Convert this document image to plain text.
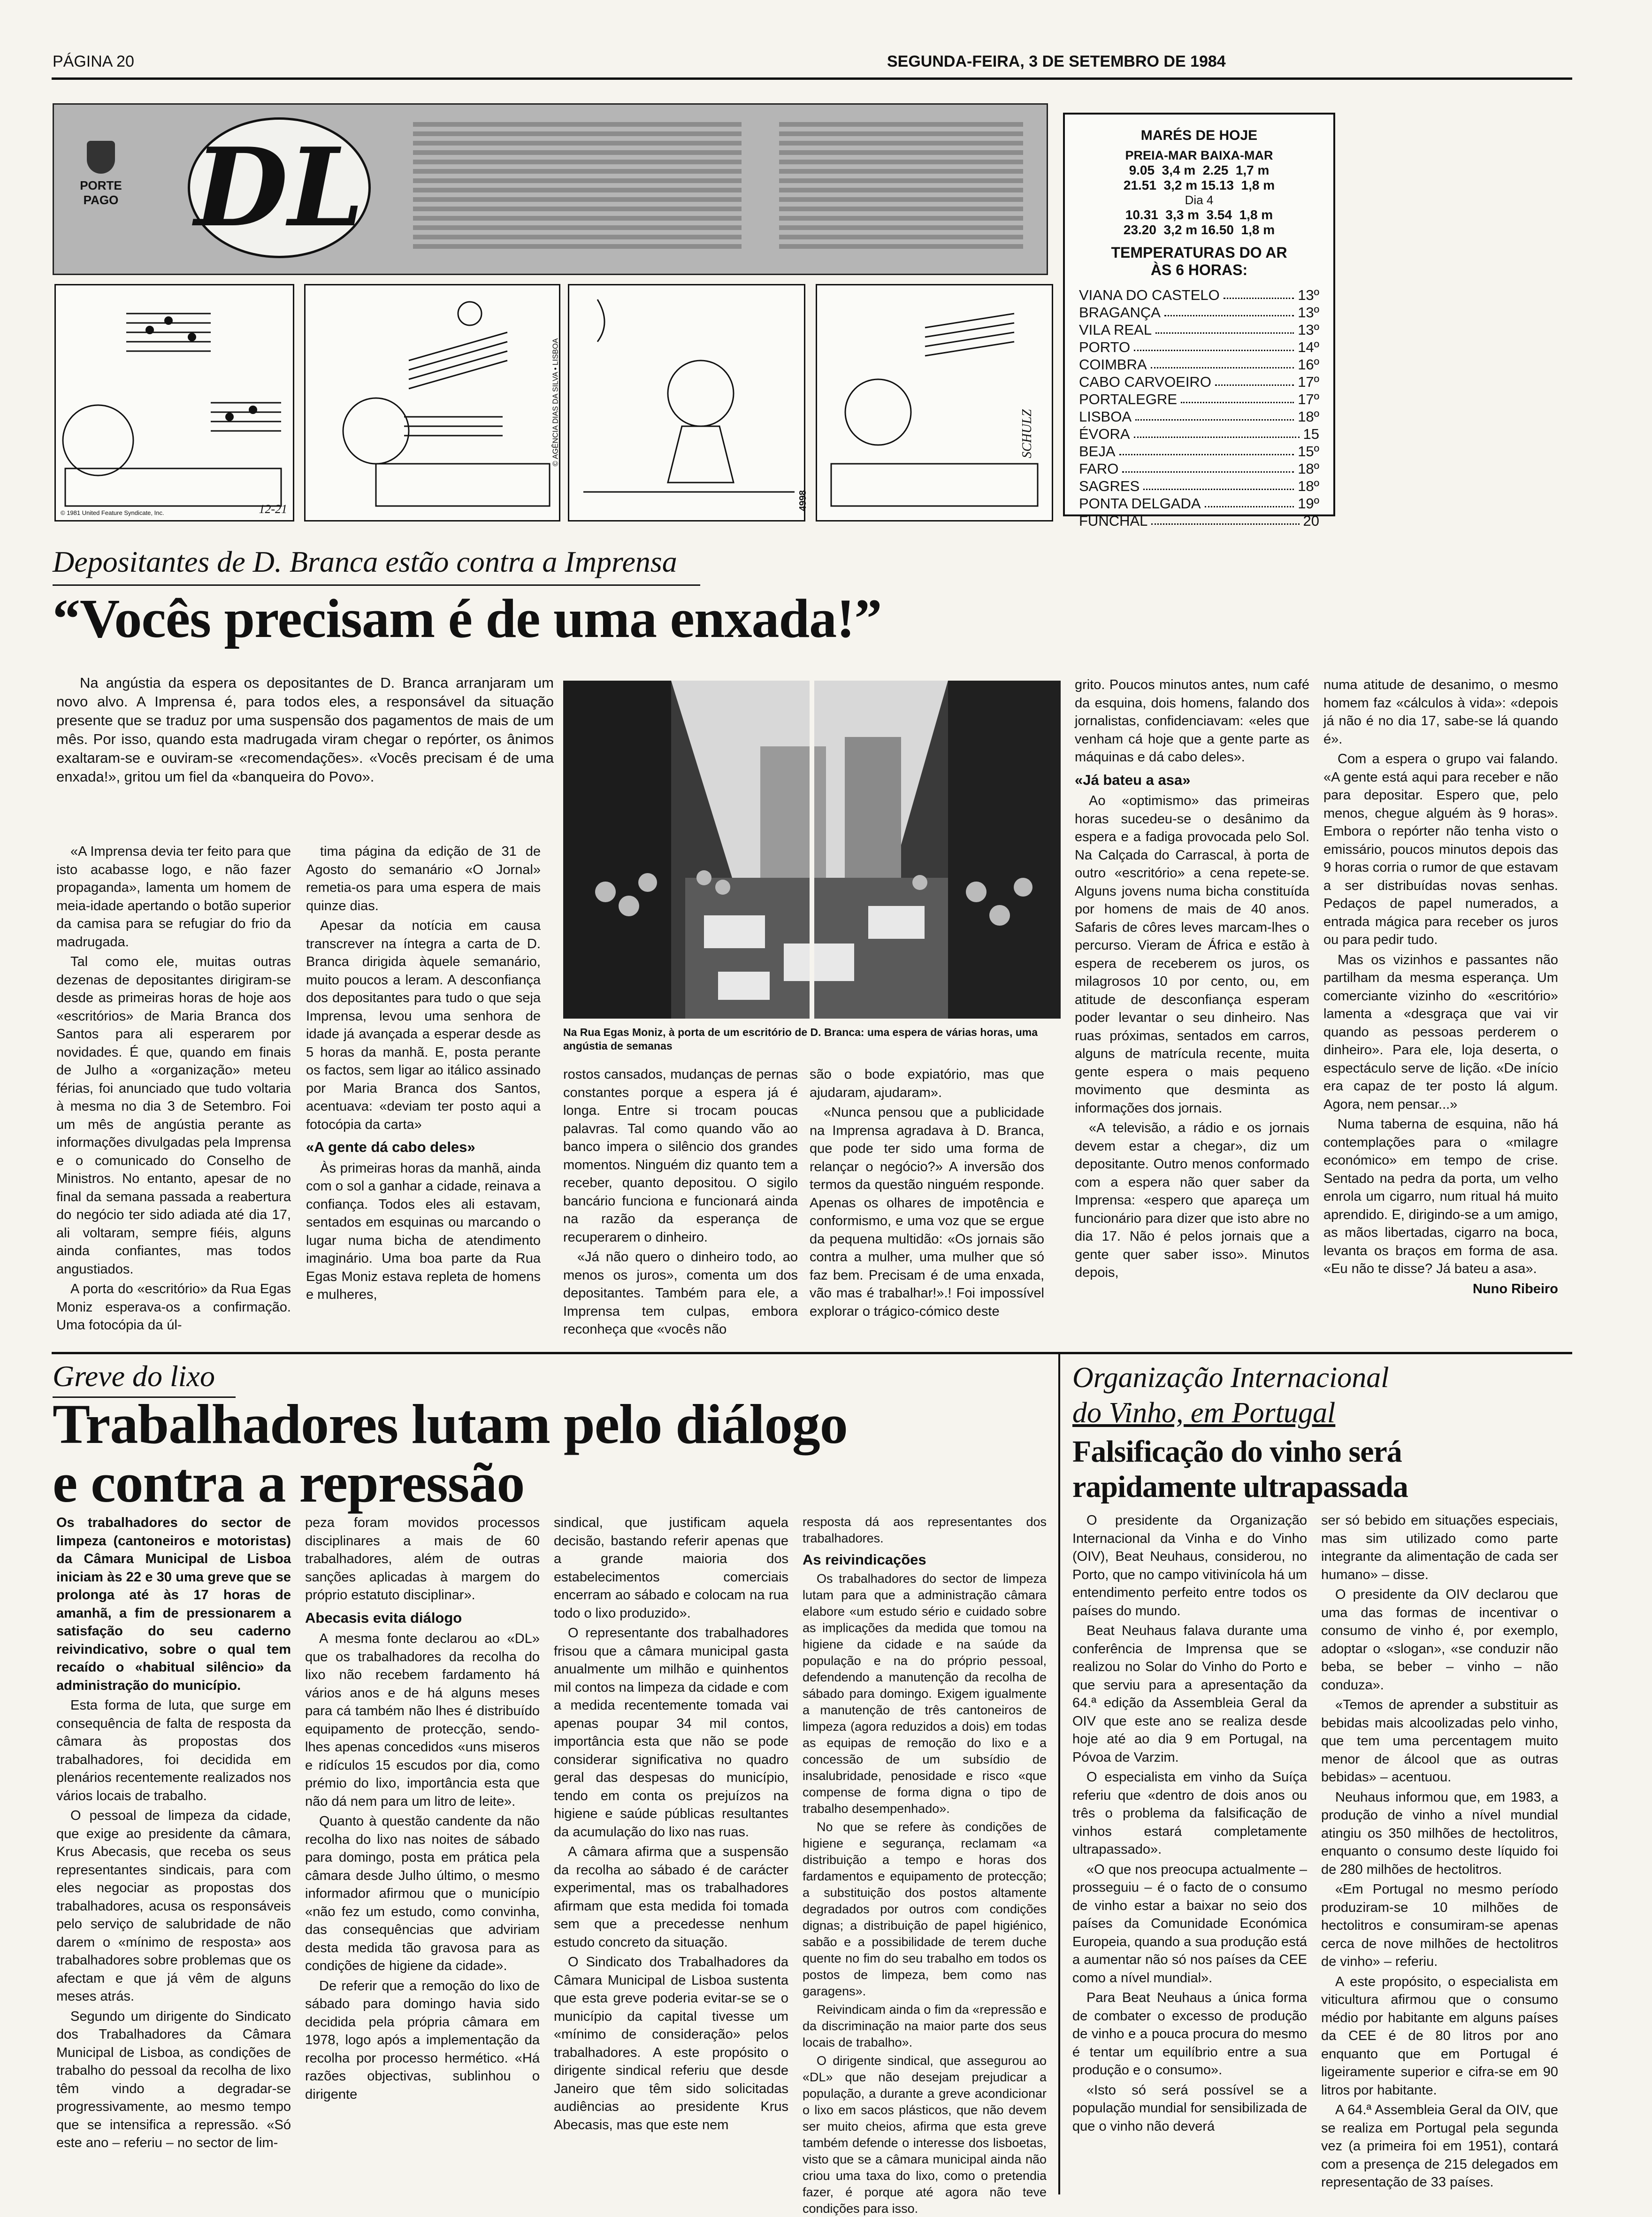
PÁGINA 20	SEGUNDA-FEIRA, 3 DE SETEMBRO DE 1984
PORTE
PAGO DL	MARÉS DE HOJE
PREIA-MAR BAIXA-MAR
9.05  3,4 m  2.25  1,7 m
21.51  3,2 m 15.13  1,8 m
Dia 4
10.31  3,3 m  3.54  1,8 m
23.20  3,2 m 16.50  1,8 m
TEMPERATURAS DO AR
ÀS 6 HORAS:
VIANA DO CASTELO	13º
BRAGANÇA	13º
VILA REAL	13º
PORTO	14º
COIMBRA	16º
CABO CARVOEIRO	17º
PORTALEGRE	17º
LISBOA	18º
ÉVORA	15
BEJA	15º
FARO	18º
SAGRES	18º
PONTA DELGADA	19º
FUNCHAL	20
© 1981 United Feature Syndicate, Inc.	12-21
© AGÊNCIA DIAS DA SILVA • LISBOA
4998
SCHULZ
Depositantes de D. Branca estão contra a Imprensa
“Vocês precisam é de uma enxada!”

Na angústia da espera os depositantes de D. Branca arranjaram um novo alvo. A Imprensa é, para todos eles, a responsável da situação presente que se traduz por uma suspensão dos pagamentos de mais de um mês. Por isso, quando esta madrugada viram chegar o repórter, os ânimos exaltaram-se e ouviram-se «recomendações». «Vocês precisam é de uma enxada!», gritou um fiel da «banqueira do Povo».

«A Imprensa devia ter feito para que isto acabasse logo, e não fazer propaganda», lamenta um homem de meia-idade apertando o botão superior da camisa para se refugiar do frio da madrugada.

Tal como ele, muitas outras dezenas de depositantes dirigiram-se desde as primeiras horas de hoje aos «escritórios» de Maria Branca dos Santos para ali esperarem por novidades. É que, quando em finais de Julho a «organização» meteu férias, foi anunciado que tudo voltaria à mesma no dia 3 de Setembro. Foi um mês de angústia perante as informações divulgadas pela Imprensa e o comunicado do Conselho de Ministros. No entanto, apesar de no final da semana passada a reabertura do negócio ter sido adiada até dia 17, ali voltaram, sempre fiéis, alguns ainda confiantes, mas todos angustiados.

A porta do «escritório» da Rua Egas Moniz esperava-os a confirmação. Uma fotocópia da úl-

tima página da edição de 31 de Agosto do semanário «O Jornal» remetia-os para uma espera de mais quinze dias.

Apesar da notícia em causa transcrever na íntegra a carta de D. Branca dirigida àquele semanário, muito poucos a leram. A desconfiança dos depositantes para tudo o que seja Imprensa, levou uma senhora de idade já avançada a esperar desde as 5 horas da manhã. E, posta perante os factos, sem ligar ao itálico assinado por Maria Branca dos Santos, acentuava: «deviam ter posto aqui a fotocópia da carta»

«A gente dá cabo deles»

Às primeiras horas da manhã, ainda com o sol a ganhar a cidade, reinava a confiança. Todos eles ali estavam, sentados em esquinas ou marcando o lugar numa bicha de atendimento imaginário. Uma boa parte da Rua Egas Moniz estava repleta de homens e mulheres,

Na Rua Egas Moniz, à porta de um escritório de D. Branca: uma espera de várias horas, uma angústia de semanas

rostos cansados, mudanças de pernas constantes porque a espera já é longa. Entre si trocam poucas palavras. Tal como quando vão ao banco impera o silêncio dos grandes momentos. Ninguém diz quanto tem a receber, quanto depositou. O sigilo bancário funciona e funcionará ainda na razão da esperança de recuperarem o dinheiro.

«Já não quero o dinheiro todo, ao menos os juros», comenta um dos depositantes. Também para ele, a Imprensa tem culpas, embora reconheça que «vocês não

são o bode expiatório, mas que ajudaram, ajudaram».

«Nunca pensou que a publicidade na Imprensa agradava à D. Branca, que pode ter sido uma forma de relançar o negócio?» A inversão dos termos da questão ninguém responde. Apenas os olhares de impotência e conformismo, e uma voz que se ergue da pequena multidão: «Os jornais são contra a mulher, uma mulher que só faz bem. Precisam é de uma enxada, vão mas é trabalhar!».! Foi impossível explorar o trágico-cómico deste

grito. Poucos minutos antes, num café da esquina, dois homens, falando dos jornalistas, confidenciavam: «eles que venham cá hoje que a gente parte as máquinas e dá cabo deles».

«Já bateu a asa»

Ao «optimismo» das primeiras horas sucedeu-se o desânimo da espera e a fadiga provocada pelo Sol. Na Calçada do Carrascal, à porta de outro «escritório» a cena repete-se. Alguns jovens numa bicha constituída por homens de mais de 40 anos. Safaris de côres leves marcam-lhes o percurso. Vieram de África e estão à espera de receberem os juros, os milagrosos 10 por cento, ou, em atitude de desconfiança esperam poder levantar o seu dinheiro. Nas ruas próximas, sentados em carros, alguns de matrícula recente, muita gente espera o mais pequeno movimento que desminta as informações dos jornais.

«A televisão, a rádio e os jornais devem estar a chegar», diz um depositante. Outro menos conformado com a espera não quer saber da Imprensa: «espero que apareça um funcionário para dizer que isto abre no dia 17. Não é pelos jornais que a gente quer saber isso». Minutos depois,

numa atitude de desanimo, o mesmo homem faz «cálculos à vida»: «depois já não é no dia 17, sabe-se lá quando é».

Com a espera o grupo vai falando. «A gente está aqui para receber e não para depositar. Espero que, pelo menos, chegue alguém às 9 horas». Embora o repórter não tenha visto o emissário, poucos minutos depois das 9 horas corria o rumor de que estavam a ser distribuídas novas senhas. Pedaços de papel numerados, a entrada mágica para receber os juros ou para pedir tudo.

Mas os vizinhos e passantes não partilham da mesma esperança. Um comerciante vizinho do «escritório» lamenta a «desgraça que vai vir quando as pessoas perderem o dinheiro». Para ele, loja deserta, o espectáculo serve de lição. «De início era capaz de ter posto lá algum. Agora, nem pensar...»

Numa taberna de esquina, não há contemplações para o «milagre económico» em tempo de crise. Sentado na pedra da porta, um velho enrola um cigarro, num ritual há muito aprendido. E, dirigindo-se a um amigo, as mãos libertadas, cigarro na boca, levanta os braços em forma de asa. «Eu não te disse? Já bateu a asa».

Nuno Ribeiro

Greve do lixo
Trabalhadores lutam pelo diálogo
e contra a repressão

Os trabalhadores do sector de limpeza (cantoneiros e motoristas) da Câmara Municipal de Lisboa iniciam às 22 e 30 uma greve que se prolonga até às 17 horas de amanhã, a fim de pressionarem a satisfação do seu caderno reivindicativo, sobre o qual tem recaído o «habitual silêncio» da administração do município.

Esta forma de luta, que surge em consequência de falta de resposta da câmara às propostas dos trabalhadores, foi decidida em plenários recentemente realizados nos vários locais de trabalho.

O pessoal de limpeza da cidade, que exige ao presidente da câmara, Krus Abecasis, que receba os seus representantes sindicais, para com eles negociar as propostas dos trabalhadores, acusa os responsáveis pelo serviço de salubridade de não darem o «mínimo de resposta» aos trabalhadores sobre problemas que os afectam e que já vêm de alguns meses atrás.

Segundo um dirigente do Sindicato dos Trabalhadores da Câmara Municipal de Lisboa, as condições de trabalho do pessoal da recolha de lixo têm vindo a degradar-se progressivamente, ao mesmo tempo que se intensifica a repressão. «Só este ano – referiu – no sector de lim-

peza foram movidos processos disciplinares a mais de 60 trabalhadores, além de outras sanções aplicadas à margem do próprio estatuto disciplinar».

Abecasis evita diálogo

A mesma fonte declarou ao «DL» que os trabalhadores da recolha do lixo não recebem fardamento há vários anos e de há alguns meses para cá também não lhes é distribuído equipamento de protecção, sendo-lhes apenas concedidos «uns miseros e ridículos 15 escudos por dia, como prémio do lixo, importância esta que não dá nem para um litro de leite».

Quanto à questão candente da não recolha do lixo nas noites de sábado para domingo, posta em prática pela câmara desde Julho último, o mesmo informador afirmou que o município «não fez um estudo, como convinha, das consequências que adviriam desta medida tão gravosa para as condições de higiene da cidade».

De referir que a remoção do lixo de sábado para domingo havia sido decidida pela própria câmara em 1978, logo após a implementação da recolha por processo hermético. «Há razões objectivas, sublinhou o dirigente

sindical, que justificam aquela decisão, bastando referir apenas que a grande maioria dos estabelecimentos comerciais encerram ao sábado e colocam na rua todo o lixo produzido».

O representante dos trabalhadores frisou que a câmara municipal gasta anualmente um milhão e quinhentos mil contos na limpeza da cidade e com a medida recentemente tomada vai apenas poupar 34 mil contos, importância esta que não se pode considerar significativa no quadro geral das despesas do município, tendo em conta os prejuízos na higiene e saúde públicas resultantes da acumulação do lixo nas ruas.

A câmara afirma que a suspensão da recolha ao sábado é de carácter experimental, mas os trabalhadores afirmam que esta medida foi tomada sem que a precedesse nenhum estudo concreto da situação.

O Sindicato dos Trabalhadores da Câmara Municipal de Lisboa sustenta que esta greve poderia evitar-se se o município da capital tivesse um «mínimo de consideração» pelos trabalhadores. A este propósito o dirigente sindical referiu que desde Janeiro que têm sido solicitadas audiências ao presidente Krus Abecasis, mas que este nem

resposta dá aos representantes dos trabalhadores.

As reivindicações

Os trabalhadores do sector de limpeza lutam para que a administração câmara elabore «um estudo sério e cuidado sobre as implicações da medida que tomou na higiene da cidade e na saúde da população e na do próprio pessoal, defendendo a manutenção da recolha de sábado para domingo. Exigem igualmente a manutenção de três cantoneiros de limpeza (agora reduzidos a dois) em todas as equipas de remoção do lixo e a concessão de um subsídio de insalubridade, penosidade e risco «que compense de forma digna o tipo de trabalho desempenhado».

No que se refere às condições de higiene e segurança, reclamam «a distribuição a tempo e horas dos fardamentos e equipamento de protecção; a substituição dos postos altamente degradados por outros com condições dignas; a distribuição de papel higiénico, sabão e a possibilidade de terem duche quente no fim do seu trabalho em todos os postos de limpeza, bem como nas garagens».

Reivindicam ainda o fim da «repressão e da discriminação na maior parte dos seus locais de trabalho».

O dirigente sindical, que assegurou ao «DL» que não desejam prejudicar a população, a durante a greve acondicionar o lixo em sacos plásticos, que não devem ser muito cheios, afirma que esta greve também defende o interesse dos lisboetas, visto que se a câmara municipal ainda não criou uma taxa do lixo, como o pretendia fazer, é porque até agora não teve condições para isso.

Organização Internacional
do Vinho, em Portugal
Falsificação do vinho será
rapidamente ultrapassada

O presidente da Organização Internacional da Vinha e do Vinho (OIV), Beat Neuhaus, considerou, no Porto, que no campo vitivinícola há um entendimento perfeito entre todos os países do mundo.

Beat Neuhaus falava durante uma conferência de Imprensa que se realizou no Solar do Vinho do Porto e que serviu para a apresentação da 64.ª edição da Assembleia Geral da OIV que este ano se realiza desde hoje até ao dia 9 em Portugal, na Póvoa de Varzim.

O especialista em vinho da Suíça referiu que «dentro de dois anos ou três o problema da falsificação de vinhos estará completamente ultrapassado».

«O que nos preocupa actualmente – prosseguiu – é o facto de o consumo de vinho estar a baixar no seio dos países da Comunidade Económica Europeia, quando a sua produção está a aumentar não só nos países da CEE como a nível mundial».

Para Beat Neuhaus a única forma de combater o excesso de produção de vinho e a pouca procura do mesmo é tentar um equilíbrio entre a sua produção e o consumo».

«Isto só será possível se a população mundial for sensibilizada de que o vinho não deverá

ser só bebido em situações especiais, mas sim utilizado como parte integrante da alimentação de cada ser humano» – disse.

O presidente da OIV declarou que uma das formas de incentivar o consumo de vinho é, por exemplo, adoptar o «slogan», «se conduzir não beba, se beber – vinho – não conduza».

«Temos de aprender a substituir as bebidas mais alcoolizadas pelo vinho, que tem uma percentagem muito menor de álcool que as outras bebidas» – acentuou.

Neuhaus informou que, em 1983, a produção de vinho a nível mundial atingiu os 350 milhões de hectolitros, enquanto o consumo deste líquido foi de 280 milhões de hectolitros.

«Em Portugal no mesmo período produziram-se 10 milhões de hectolitros e consumiram-se apenas cerca de nove milhões de hectolitros de vinho» – referiu.

A este propósito, o especialista em viticultura afirmou que o consumo médio por habitante em alguns países da CEE é de 80 litros por ano enquanto que em Portugal é ligeiramente superior e cifra-se em 90 litros por habitante.

A 64.ª Assembleia Geral da OIV, que se realiza em Portugal pela segunda vez (a primeira foi em 1951), contará com a presença de 215 delegados em representação de 33 países.
